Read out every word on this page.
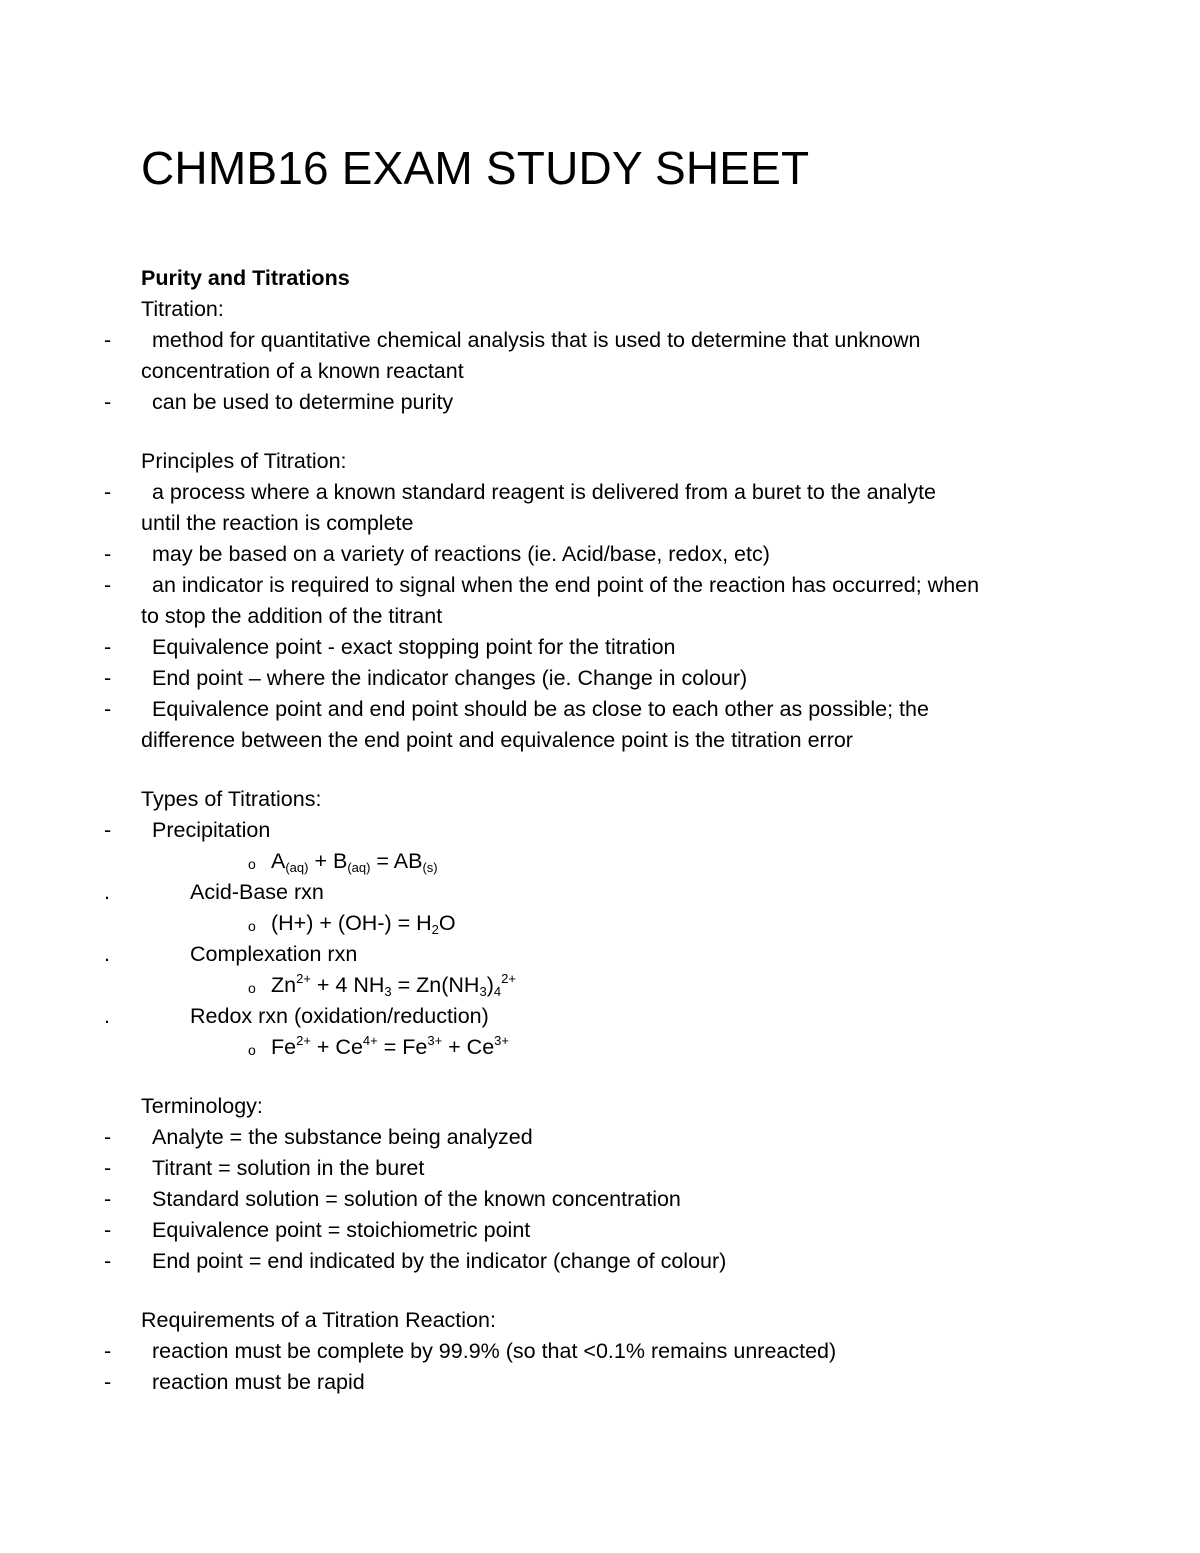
CHMB16 EXAM STUDY SHEET
Purity and Titrations
Titration:
- method for quantitative chemical analysis that is used to determine that unknown
concentration of a known reactant
- can be used to determine purity
Principles of Titration:
- a process where a known standard reagent is delivered from a buret to the analyte
until the reaction is complete
- may be based on a variety of reactions (ie. Acid/base, redox, etc)
- an indicator is required to signal when the end point of the reaction has occurred; when
to stop the addition of the titrant
- Equivalence point - exact stopping point for the titration
- End point – where the indicator changes (ie. Change in colour)
- Equivalence point and end point should be as close to each other as possible; the
difference between the end point and equivalence point is the titration error
Types of Titrations:
- Precipitation
o $A_{(aq)} + B_{(aq)} = AB_{(s)}$
.	Acid-Base rxn
o $(H+) + (OH-) = H_2O$
.	Complexation rxn
o $Zn^{2+} + 4$ $NH_3 = Zn(NH_3)_4^{2+}$
.	Redox rxn (oxidation/reduction)
o $Fe^{2+} + Ce^{4+} = Fe^{3+} + Ce^{3+}$
Terminology:
- Analyte = the substance being analyzed
- Titrant = solution in the buret
- Standard solution = solution of the known concentration
- Equivalence point = stoichiometric point
- End point = end indicated by the indicator (change of colour)
Requirements of a Titration Reaction:
- reaction must be complete by 99.9% (so that <0.1% remains unreacted)
- reaction must be rapid
